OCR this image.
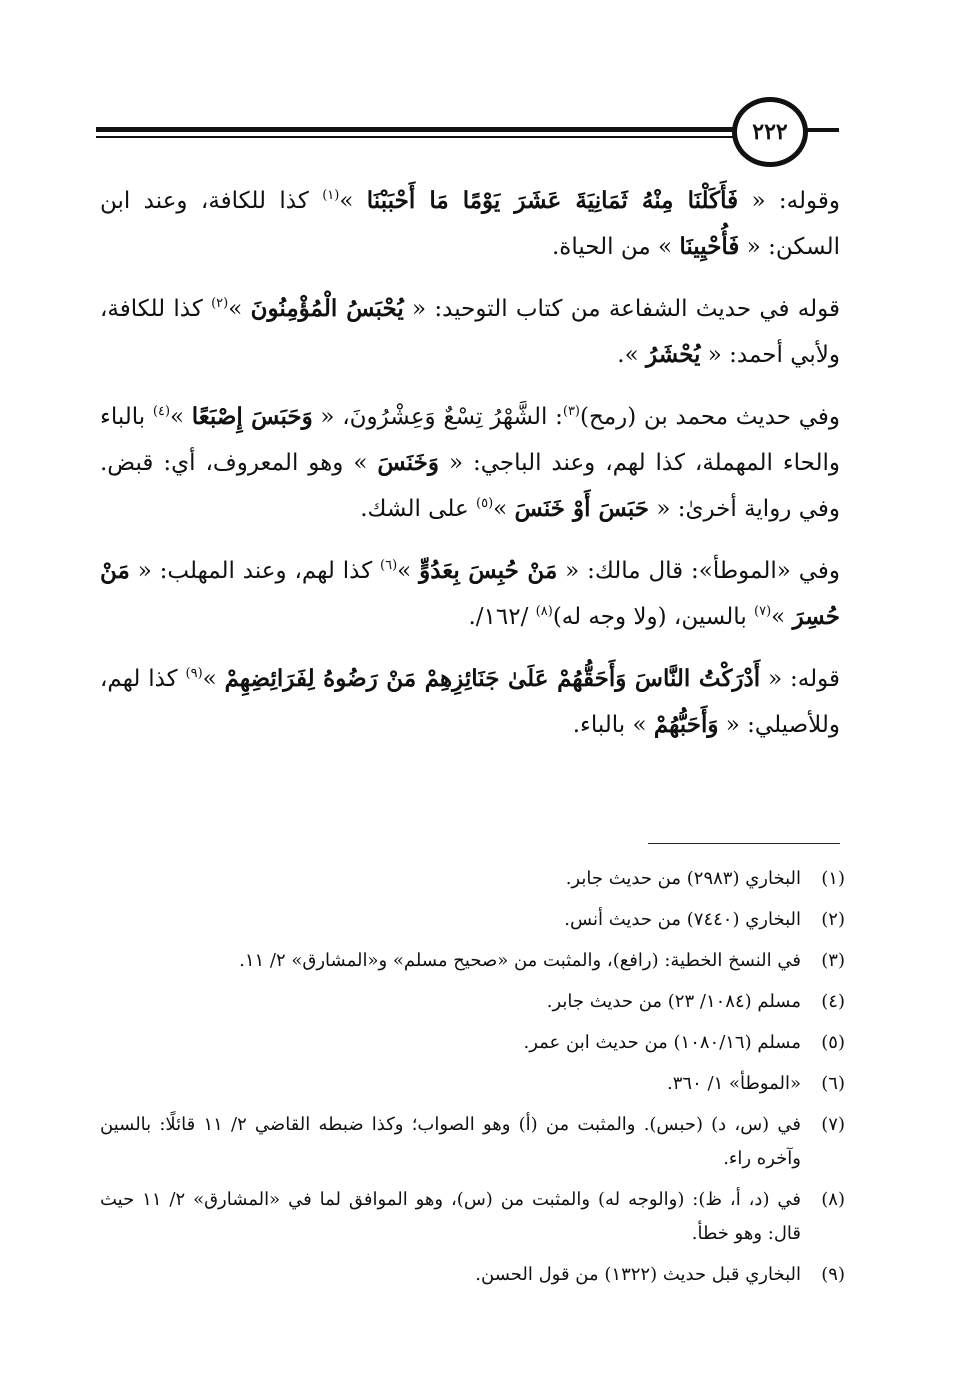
٢٢٢

وقوله: « فَأَكَلْنَا مِنْهُ ثَمَانِيَةَ عَشَرَ يَوْمًا مَا أَحْبَبْنَا »$^{(١)}$ كذا للكافة، وعند ابن السكن: « فَأُحْيِينَا » من الحياة.

قوله في حديث الشفاعة من كتاب التوحيد: « يُحْبَسُ الْمُؤْمِنُونَ »$^{(٢)}$ كذا للكافة، ولأبي أحمد: « يُحْشَرُ ».

وفي حديث محمد بن (رمح)$^{(٣)}$: الشَّهْرُ تِسْعٌ وَعِشْرُونَ، « وَحَبَسَ إِصْبَعًا »$^{(٤)}$ بالباء والحاء المهملة، كذا لهم، وعند الباجي: « وَخَنَسَ » وهو المعروف، أي: قبض. وفي رواية أخرىٰ: « حَبَسَ أَوْ خَنَسَ »$^{(٥)}$ على الشك.

وفي «الموطأ»: قال مالك: « مَنْ حُبِسَ بِعَدُوٍّ »$^{(٦)}$ كذا لهم، وعند المهلب: « مَنْ حُسِرَ »$^{(٧)}$ بالسين، (ولا وجه له)$^{(٨)}$ /١٦٢/.

قوله: « أَدْرَكْتُ النَّاسَ وَأَحَقُّهُمْ عَلَىٰ جَنَائِزِهِمْ مَنْ رَضُوهُ لِفَرَائِضِهِمْ »$^{(٩)}$ كذا لهم، وللأصيلي: « وَأَحَبُّهُمْ » بالباء.

(١)
البخاري (٢٩٨٣) من حديث جابر.
(٢)
البخاري (٧٤٤٠) من حديث أنس.
(٣)
في النسخ الخطية: (رافع)، والمثبت من «صحيح مسلم» و«المشارق» ٢/ ١١.
(٤)
مسلم (١٠٨٤/ ٢٣) من حديث جابر.
(٥)
مسلم (١٠٨٠/١٦) من حديث ابن عمر.
(٦)
«الموطأ» ١/ ٣٦٠.
(٧)
في (س، د) (حبس). والمثبت من (أ) وهو الصواب؛ وكذا ضبطه القاضي ٢/ ١١ قائلًا: بالسين وآخره راء.
(٨)
في (د، أ، ظ): (والوجه له) والمثبت من (س)، وهو الموافق لما في «المشارق» ٢/ ١١ حيث قال: وهو خطأ.
(٩)
البخاري قبل حديث (١٣٢٢) من قول الحسن.
